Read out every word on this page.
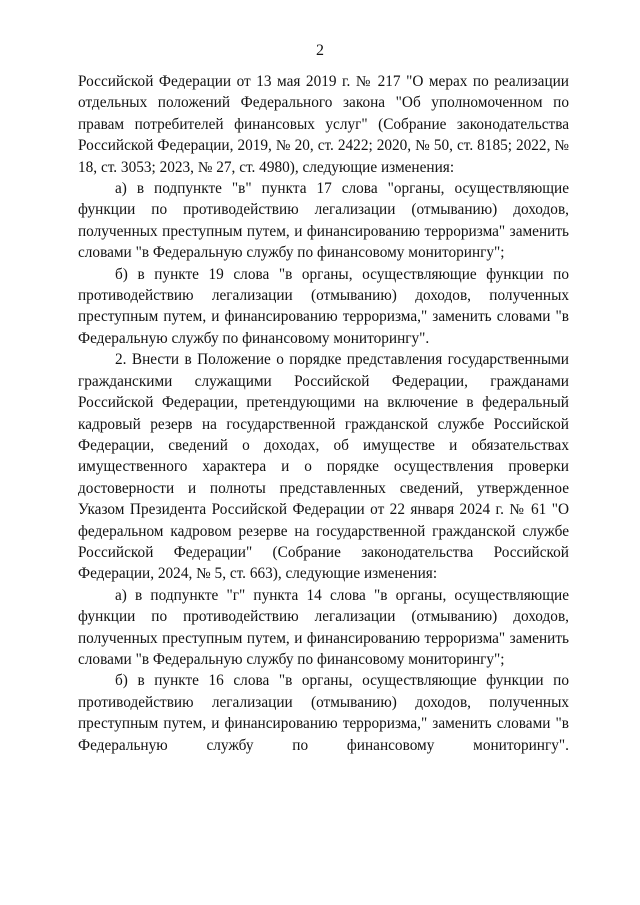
2

Российской Федерации от 13 мая 2019 г. № 217 "О мерах по реализации отдельных положений Федерального закона "Об уполномоченном по правам потребителей финансовых услуг" (Собрание законодательства Российской Федерации, 2019, № 20, ст. 2422; 2020, № 50, ст. 8185; 2022, № 18, ст. 3053; 2023, № 27, ст. 4980), следующие изменения:

а) в подпункте "в" пункта 17 слова "органы, осуществляющие функции по противодействию легализации (отмыванию) доходов, полученных преступным путем, и финансированию терроризма" заменить словами "в Федеральную службу по финансовому мониторингу";

б) в пункте 19 слова "в органы, осуществляющие функции по противодействию легализации (отмыванию) доходов, полученных преступным путем, и финансированию терроризма," заменить словами "в Федеральную службу по финансовому мониторингу".

2. Внести в Положение о порядке представления государственными гражданскими служащими Российской Федерации, гражданами Российской Федерации, претендующими на включение в федеральный кадровый резерв на государственной гражданской службе Российской Федерации, сведений о доходах, об имуществе и обязательствах имущественного характера и о порядке осуществления проверки достоверности и полноты представленных сведений, утвержденное Указом Президента Российской Федерации от 22 января 2024 г. № 61 "О федеральном кадровом резерве на государственной гражданской службе Российской Федерации" (Собрание законодательства Российской Федерации, 2024, № 5, ст. 663), следующие изменения:

а) в подпункте "г" пункта 14 слова "в органы, осуществляющие функции по противодействию легализации (отмыванию) доходов, полученных преступным путем, и финансированию терроризма" заменить словами "в Федеральную службу по финансовому мониторингу";

б) в пункте 16 слова "в органы, осуществляющие функции по противодействию легализации (отмыванию) доходов, полученных преступным путем, и финансированию терроризма," заменить словами "в Федеральную службу по финансовому мониторингу".
